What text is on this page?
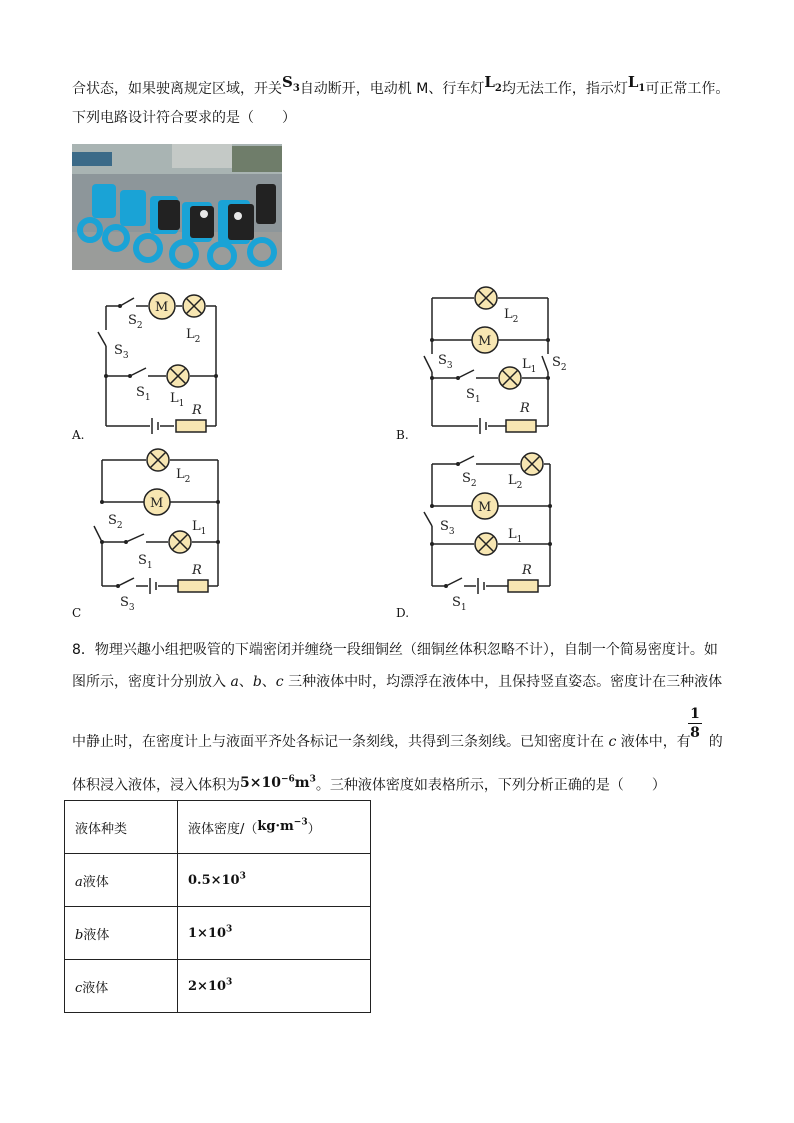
合状态，如果驶离规定区域，开关$S_3$自动断开，电动机 M、行车灯$L_2$均无法工作，指示灯$L_1$可正常工作。
下列电路设计符合要求的是（　　）
M
$S_2$
$L_2$
$S_3$
$S_1$ $L_1$ R
A.
M
$L_2$
$S_3$	$L_1$ $S_2$
$S_1$
R
B.
M
$L_2$
$S_2$	$L_1$
$S_1$	R
$S_3$
C
M
$S_2$ $L_2$
$S_3$	$L_1$
R
$S_1$
D.
8．物理兴趣小组把吸管的下端密闭并缠绕一段细铜丝（细铜丝体积忽略不计），自制一个简易密度计。如
图所示，密度计分别放入 a、b、c 三种液体中时，均漂浮在液体中，且保持竖直姿态。密度计在三种液体
中静止时，在密度计上与液面平齐处各标记一条刻线，共得到三条刻线。已知密度计在 c 液体中，有 的
1
8
体积浸入液体，浸入体积为$5\times 10^{-6}m^3$。三种液体密度如表格所示，下列分析正确的是（　　）
液体种类	液体密度$/(kg\cdot m^{-3})$
a液体	$0.5\times 10^3$
b液体	$1\times 10^3$
c液体	$2\times 10^3$
